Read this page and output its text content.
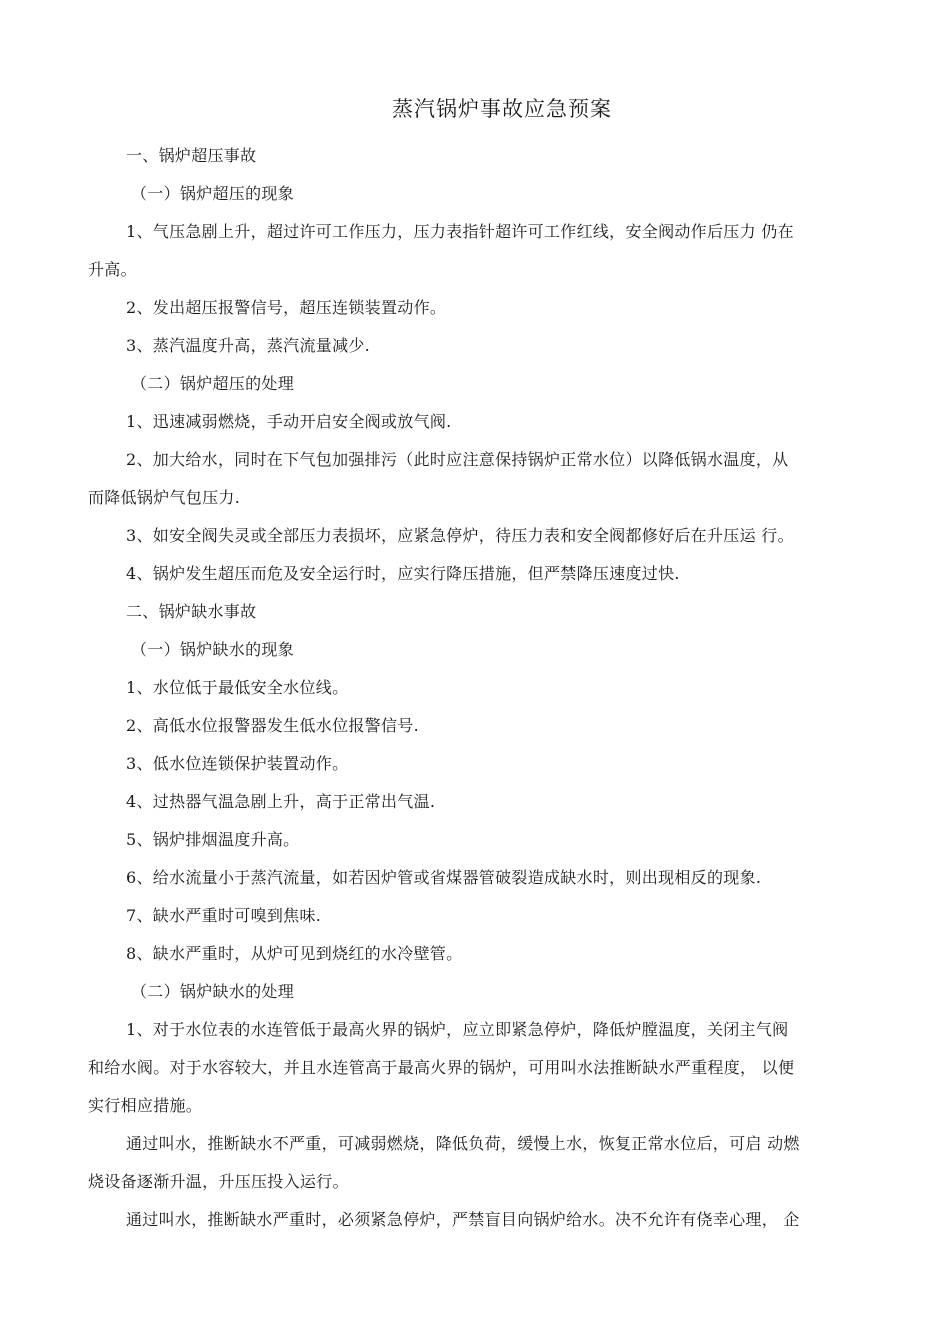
蒸汽锅炉事故应急预案

一、锅炉超压事故

（一）锅炉超压的现象

1、气压急剧上升，超过许可工作压力，压力表指针超许可工作红线，安全阀动作后压力 仍在

升高。

2、发出超压报警信号，超压连锁装置动作。

3、蒸汽温度升高，蒸汽流量减少.

（二）锅炉超压的处理

1、迅速减弱燃烧，手动开启安全阀或放气阀.

2、加大给水，同时在下气包加强排污（此时应注意保持锅炉正常水位）以降低锅水温度，从

而降低锅炉气包压力.

3、如安全阀失灵或全部压力表损坏，应紧急停炉，待压力表和安全阀都修好后在升压运 行。

4、锅炉发生超压而危及安全运行时，应实行降压措施，但严禁降压速度过快.

二、锅炉缺水事故

（一）锅炉缺水的现象

1、水位低于最低安全水位线。

2、高低水位报警器发生低水位报警信号.

3、低水位连锁保护装置动作。

4、过热器气温急剧上升，高于正常出气温.

5、锅炉排烟温度升高。

6、给水流量小于蒸汽流量，如若因炉管或省煤器管破裂造成缺水时，则出现相反的现象.

7、缺水严重时可嗅到焦味.

8、缺水严重时，从炉可见到烧红的水冷壁管。

（二）锅炉缺水的处理

1、对于水位表的水连管低于最高火界的锅炉，应立即紧急停炉，降低炉膛温度，关闭主气阀

和给水阀。对于水容较大，并且水连管高于最高火界的锅炉，可用叫水法推断缺水严重程度， 以便

实行相应措施。

通过叫水，推断缺水不严重，可减弱燃烧，降低负荷，缓慢上水，恢复正常水位后，可启 动燃

烧设备逐渐升温，升压压投入运行。

通过叫水，推断缺水严重时，必须紧急停炉，严禁盲目向锅炉给水。决不允许有侥幸心理， 企
